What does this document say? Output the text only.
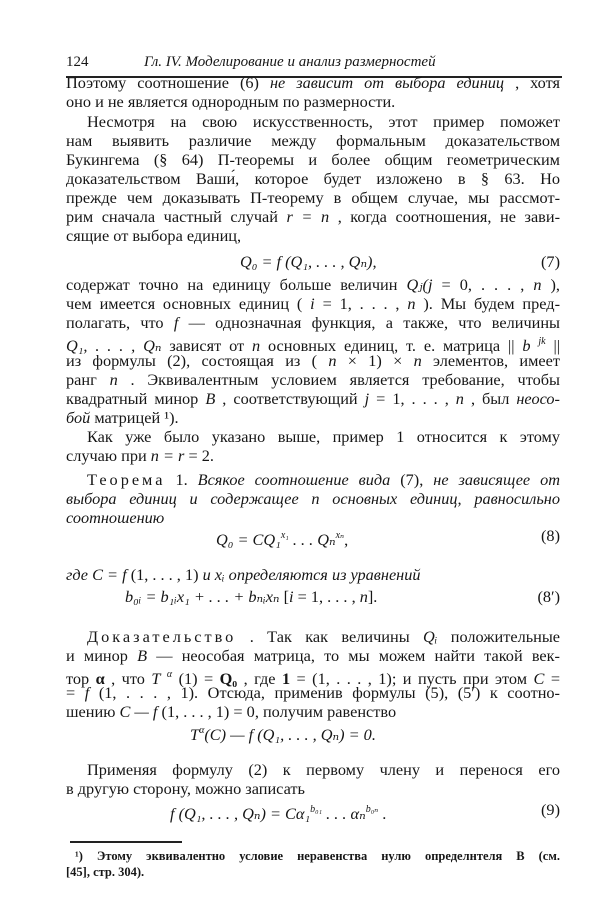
124	Гл. IV. Моделирование и анализ размерностей
Поэтому соотношение (6) не зависит от выбора единиц , хотя
оно и не является однородным по размерности.
Несмотря на свою искусственность, этот пример поможет
нам выявить различие между формальным доказательством
Букингема (§ 64) П-теоремы и более общим геометрическим
доказательством Ваши́, которое будет изложено в § 63. Но
прежде чем доказывать П-теорему в общем случае, мы рассмот-
рим сначала частный случай r = n , когда соотношения, не зави-
сящие от выбора единиц,
Q₀ = f (Q₁, . . . , Qₙ),	(7)
содержат точно на единицу больше величин Qⱼ(j = 0, . . . , n ),
чем имеется основных единиц ( i = 1, . . . , n ). Мы будем пред-
полагать, что f — однозначная функция, а также, что величины
Q₁, . . . , Qₙ зависят от n основных единиц, т. е. матрица || b $^{jk}$ ||
из формулы (2), состоящая из ( n × 1) × n элементов, имеет
ранг n . Эквивалентным условием является требование, чтобы
квадратный минор B , соответствующий j = 1, . . . , n , был неосо-
бой матрицей ¹).
Как уже было указано выше, пример 1 относится к этому
случаю при n = r = 2.
Теорема 1. Всякое соотношение вида (7), не зависящее от
выбора единиц и содержащее n основных единиц, равносильно
соотношению
Q₀ = CQ₁$^{x_1}$ . . . Qₙ$^{x_n}$,	(8)
где C = f (1, . . . , 1) и xᵢ определяются из уравнений
b₀ᵢ = b₁ᵢx₁ + . . . + bₙᵢxₙ [i = 1, . . . , n].	(8′)
Доказательство . Так как величины Qᵢ положительные
и минор B — неособая матрица, то мы можем найти такой век-
тор α , что T $^\alpha$ (1) = Q₀ , где 1 = (1, . . . , 1); и пусть при этом C =
= f (1, . . . , 1). Отсюда, применив формулы (5), (5′) к соотно-
шению C — f (1, . . . , 1) = 0, получим равенство
$T^\alpha(C)$ — f (Q₁, . . . , Qₙ) = 0.
Применяя формулу (2) к первому члену и перенося его
в другую сторону, можно записать
f (Q₁, . . . , Qₙ) = Cα₁$^{b_{01}}$ . . . αₙ$^{b_{0n}}$ .	(9)
¹) Этому эквивалентно условие неравенства нулю определнтеля B (см.
[45], стр. 304).
